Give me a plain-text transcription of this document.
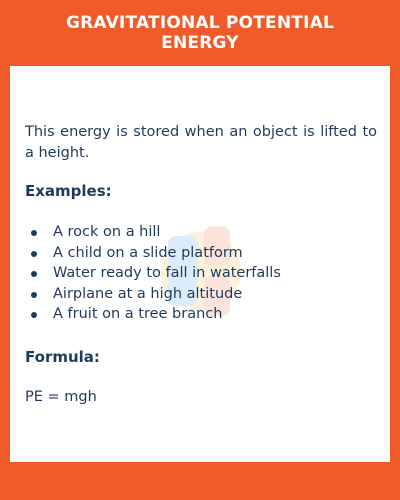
GRAVITATIONAL POTENTIAL ENERGY

This energy is stored when an object is lifted to a height.

Examples:
A rock on a hill
A child on a slide platform
Water ready to fall in waterfalls
Airplane at a high altitude
A fruit on a tree branch
Formula:

PE = mgh
